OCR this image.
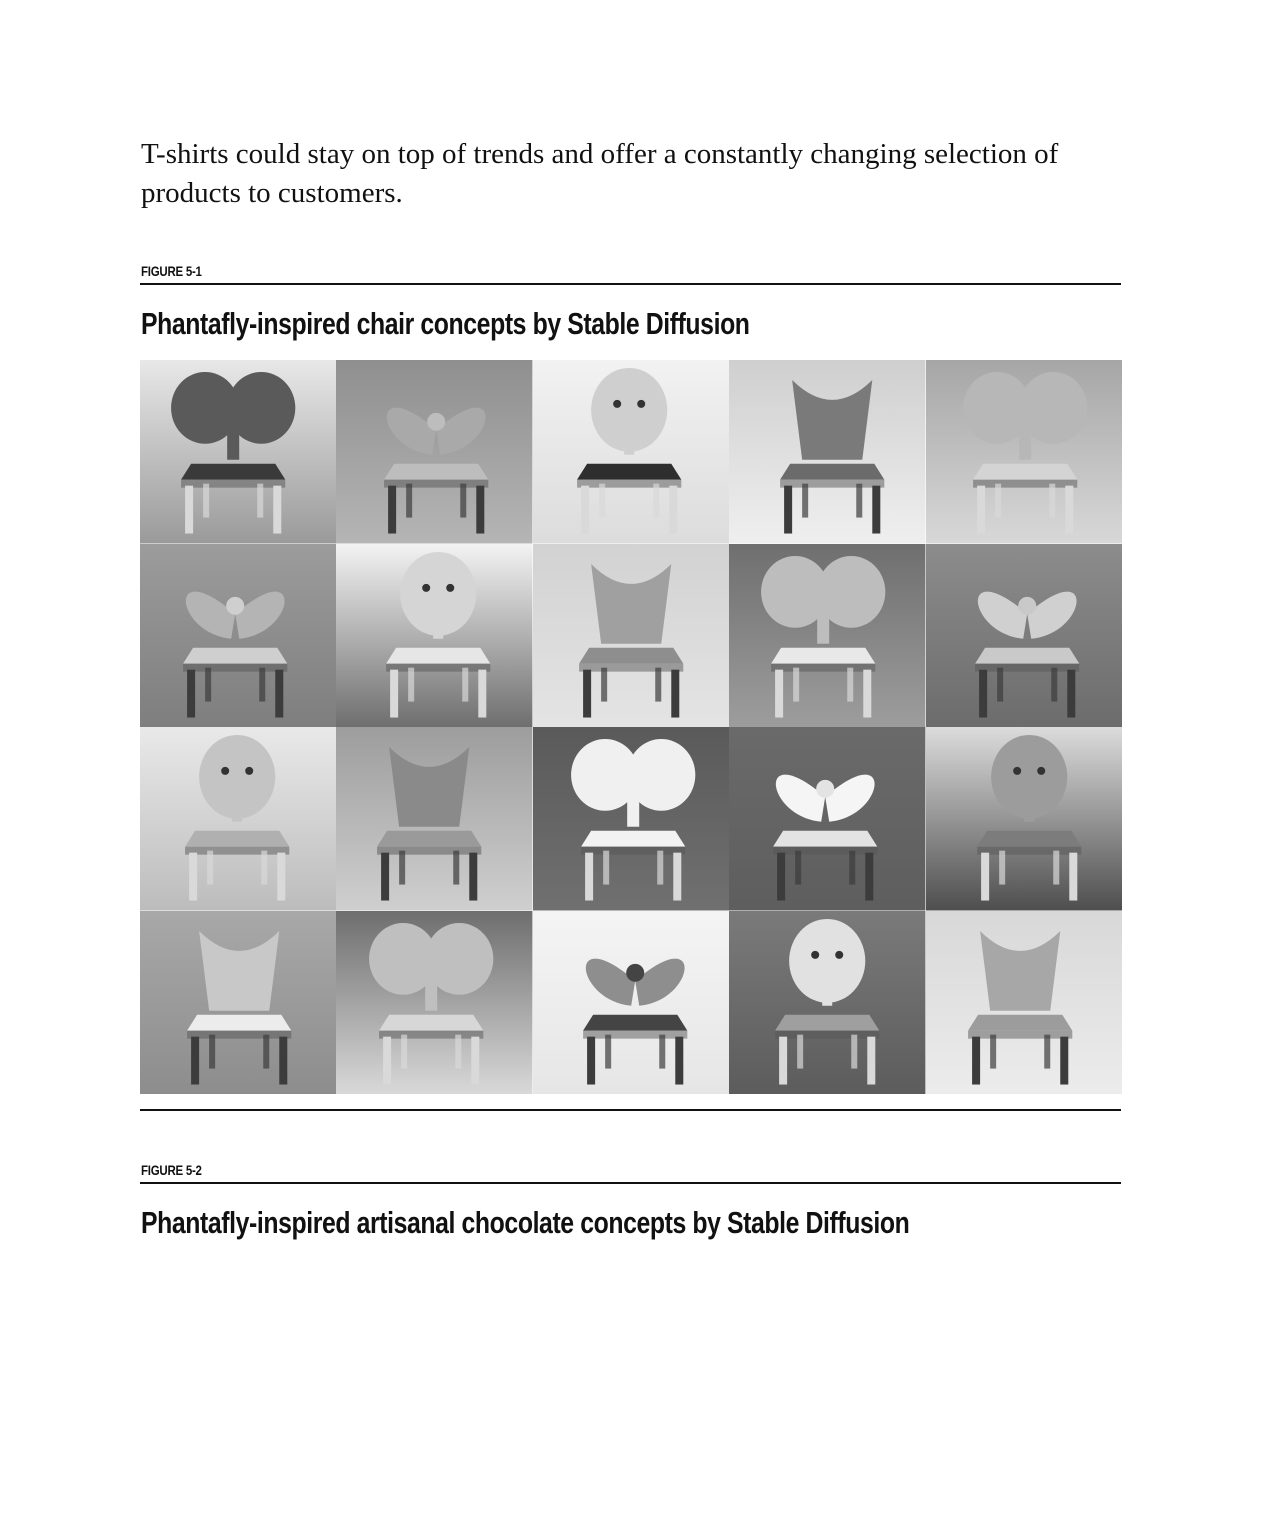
T-shirts could stay on top of trends and offer a constantly changing selection of products to customers.
FIGURE 5-1
Phantafly-inspired chair concepts by Stable Diffusion
FIGURE 5-2
Phantafly-inspired artisanal chocolate concepts by Stable Diffusion
